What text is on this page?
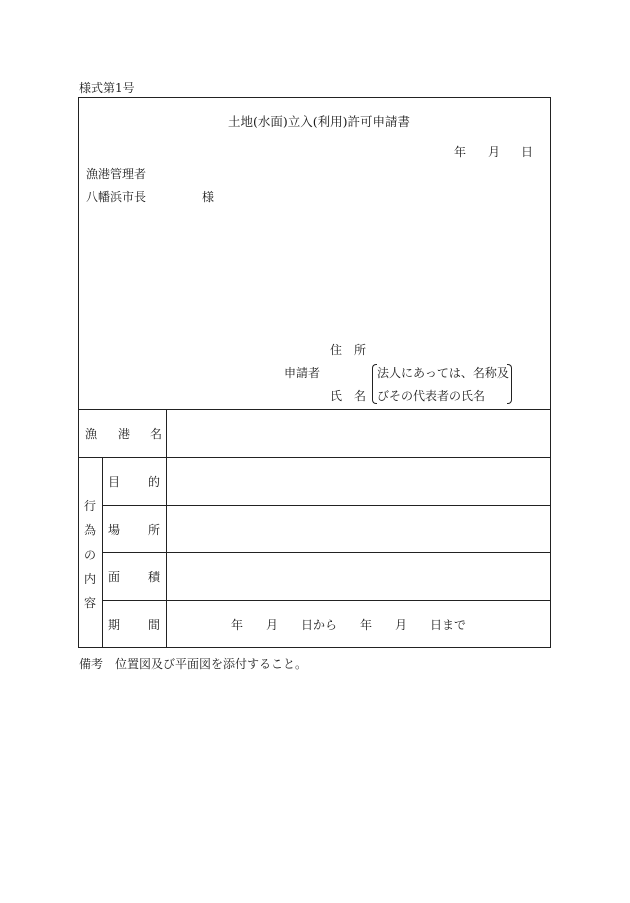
様式第1号
土地(水面)立入(利用)許可申請書
年 月 日
漁港管理者
八幡浜市長	様
住 所
申請者
氏 名
法人にあっては、名称及
びその代表者の氏名
漁 港 名
行
為
の
内
容
目 的
場 所
面 積
期 間	年 月 日から 年 月 日まで
備考　位置図及び平面図を添付すること。
